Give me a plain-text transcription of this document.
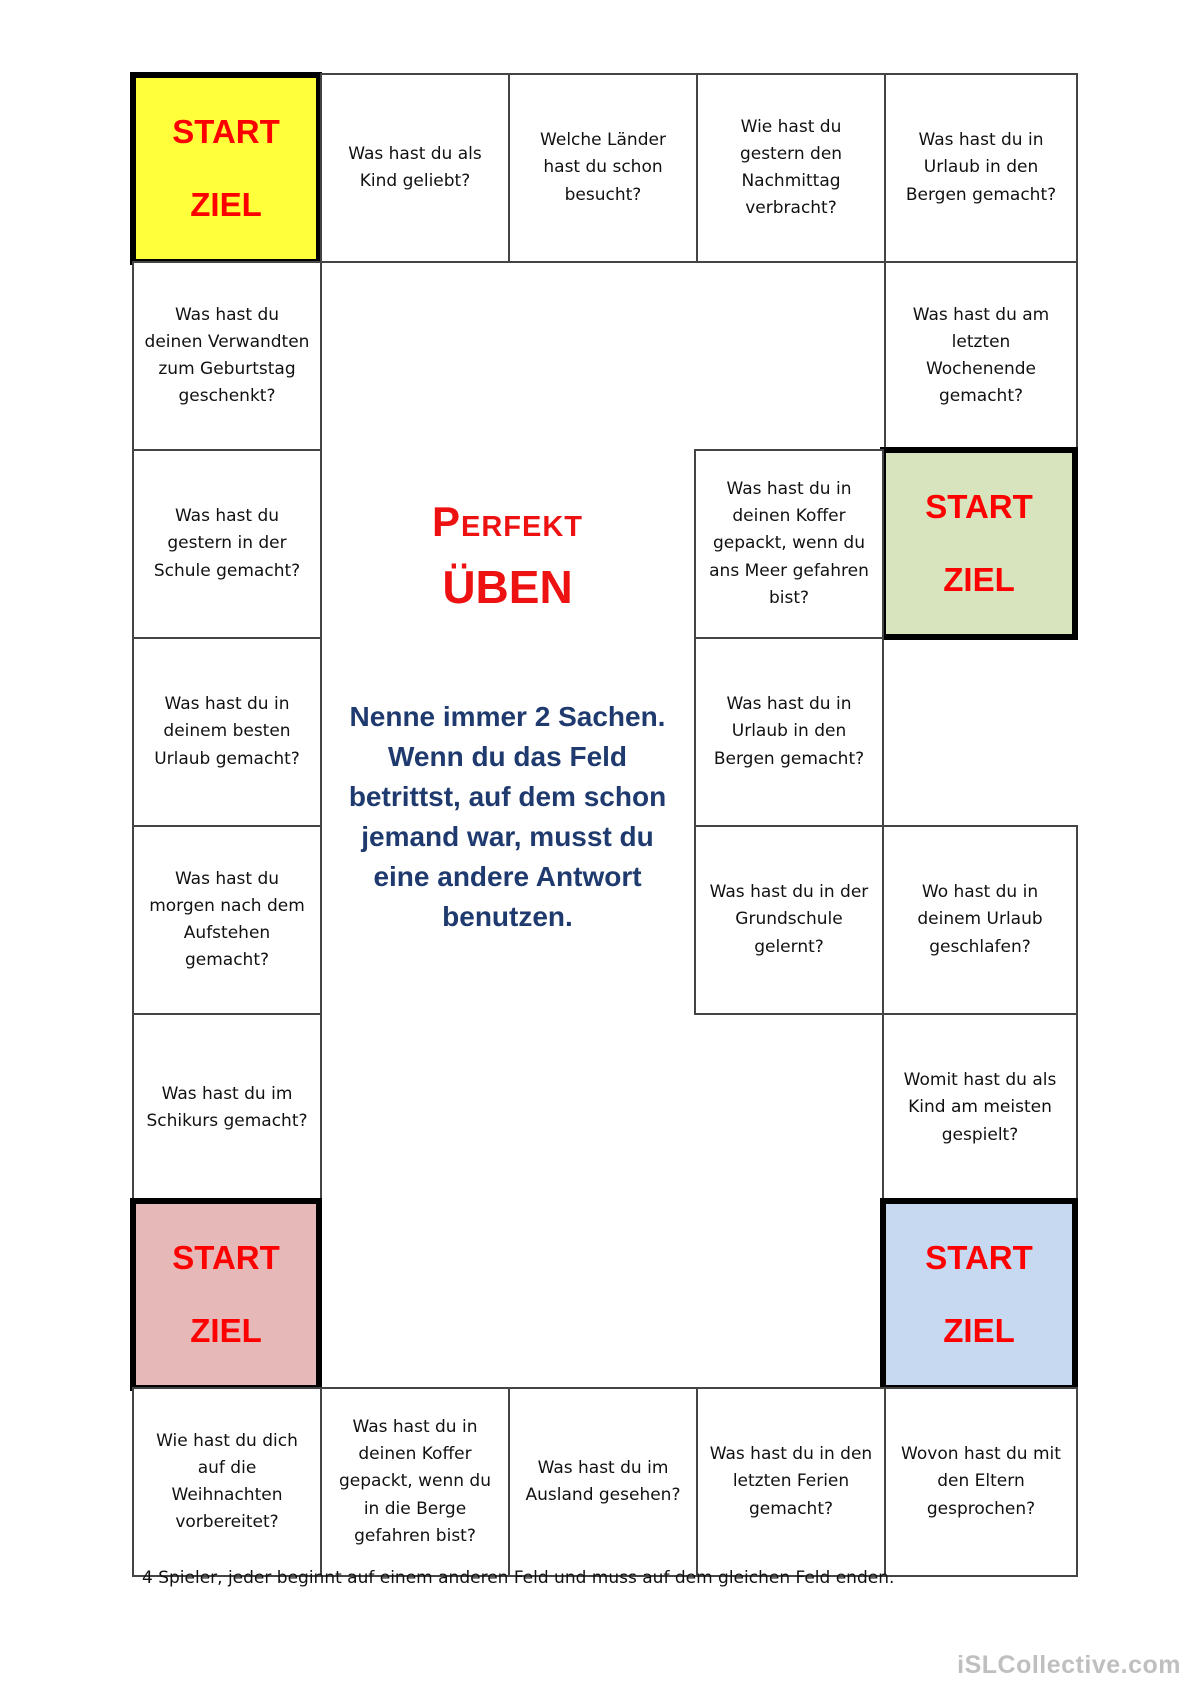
START
ZIEL
Was hast du als Kind geliebt?
Welche Länder hast du schon besucht?
Wie hast du gestern den Nachmittag verbracht?
Was hast du in Urlaub in den Bergen gemacht?
Was hast du deinen Verwandten zum Geburtstag geschenkt?
Was hast du gestern in der Schule gemacht?
Was hast du in deinem besten Urlaub gemacht?
Was hast du morgen nach dem Aufstehen gemacht?
Was hast du im Schikurs gemacht?
START
ZIEL
Was hast du am letzten Wochenende gemacht?
START
ZIEL
Was hast du in deinen Koffer gepackt, wenn du ans Meer gefahren bist?
Was hast du in Urlaub in den Bergen gemacht?
Was hast du in der Grundschule gelernt?
Wo hast du in deinem Urlaub geschlafen?
Womit hast du als Kind am meisten gespielt?
START
ZIEL
Wie hast du dich auf die Weihnachten vorbereitet?
Was hast du in deinen Koffer gepackt, wenn du in die Berge gefahren bist?
Was hast du im Ausland gesehen?
Was hast du in den letzten Ferien gemacht?
Wovon hast du mit den Eltern gesprochen?
Perfekt
ÜBEN
Nenne immer 2 Sachen. Wenn du das Feld betrittst, auf dem schon jemand war, musst du eine andere Antwort benutzen.
4 Spieler, jeder beginnt auf einem anderen Feld und muss auf dem gleichen Feld enden.
iSLCollective.com
